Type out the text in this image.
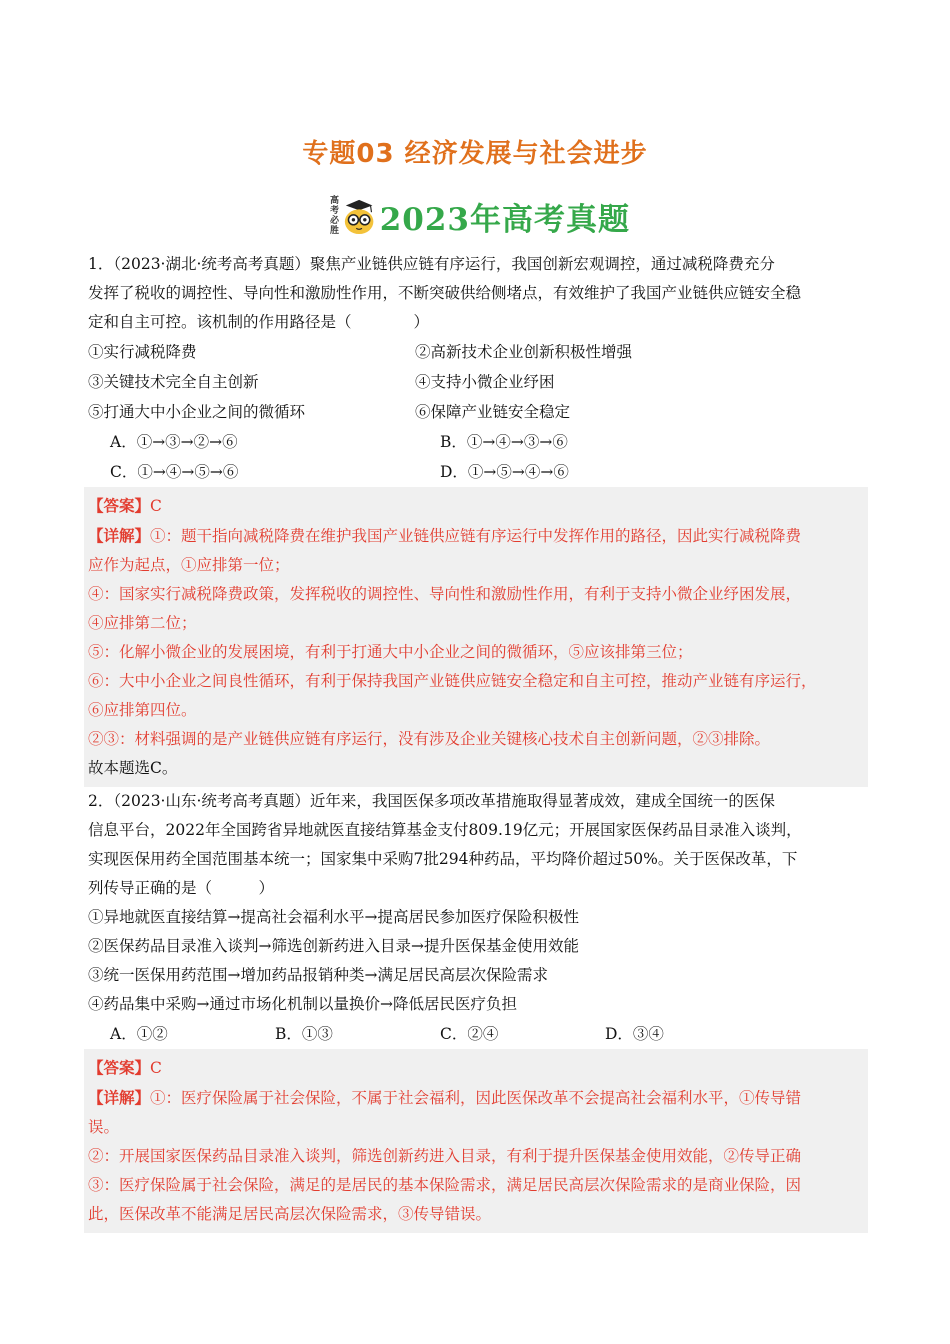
专题03 经济发展与社会进步
高考必胜 2023年高考真题

1．（2023·湖北·统考高考真题）聚焦产业链供应链有序运行，我国创新宏观调控，通过减税降费充分

发挥了税收的调控性、导向性和激励性作用，不断突破供给侧堵点，有效维护了我国产业链供应链安全稳

定和自主可控。该机制的作用路径是（　　　　）

①实行减税降费	②高新技术企业创新积极性增强
③关键技术完全自主创新	④支持小微企业纾困
⑤打通大中小企业之间的微循环	⑥保障产业链安全稳定
A．①→③→②→⑥	B．①→④→③→⑥
C．①→④→⑤→⑥	D．①→⑤→④→⑥

【答案】C

【详解】①：题干指向减税降费在维护我国产业链供应链有序运行中发挥作用的路径，因此实行减税降费

应作为起点，①应排第一位；

④：国家实行减税降费政策，发挥税收的调控性、导向性和激励性作用，有利于支持小微企业纾困发展，

④应排第二位；

⑤：化解小微企业的发展困境，有利于打通大中小企业之间的微循环，⑤应该排第三位；

⑥：大中小企业之间良性循环，有利于保持我国产业链供应链安全稳定和自主可控，推动产业链有序运行，

⑥应排第四位。

②③：材料强调的是产业链供应链有序运行，没有涉及企业关键核心技术自主创新问题，②③排除。

故本题选C。

2．（2023·山东·统考高考真题）近年来，我国医保多项改革措施取得显著成效，建成全国统一的医保

信息平台，2022年全国跨省异地就医直接结算基金支付809.19亿元；开展国家医保药品目录准入谈判，

实现医保用药全国范围基本统一；国家集中采购7批294种药品，平均降价超过50%。关于医保改革，下

列传导正确的是（　　　）

①异地就医直接结算→提高社会福利水平→提高居民参加医疗保险积极性

②医保药品目录准入谈判→筛选创新药进入目录→提升医保基金使用效能

③统一医保用药范围→增加药品报销种类→满足居民高层次保险需求

④药品集中采购→通过市场化机制以量换价→降低居民医疗负担

A．①②	B．①③	C．②④	D．③④

【答案】C

【详解】①：医疗保险属于社会保险，不属于社会福利，因此医保改革不会提高社会福利水平，①传导错

误。

②：开展国家医保药品目录准入谈判，筛选创新药进入目录，有利于提升医保基金使用效能，②传导正确

③：医疗保险属于社会保险，满足的是居民的基本保险需求，满足居民高层次保险需求的是商业保险，因

此，医保改革不能满足居民高层次保险需求，③传导错误。
